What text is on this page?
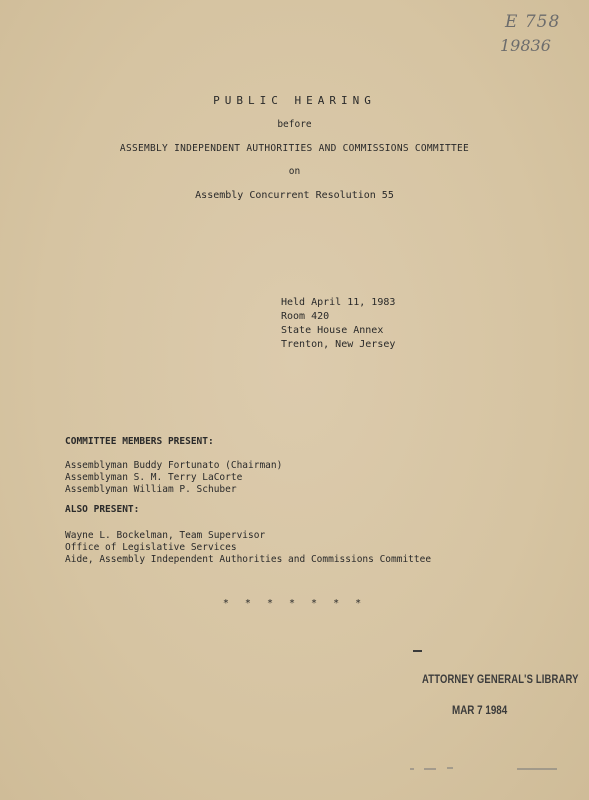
E 758
19836
PUBLIC HEARING
before
ASSEMBLY INDEPENDENT AUTHORITIES AND COMMISSIONS COMMITTEE
on
Assembly Concurrent Resolution 55
Held April 11, 1983
Room 420
State House Annex
Trenton, New Jersey
COMMITTEE MEMBERS PRESENT:
Assemblyman Buddy Fortunato (Chairman)
Assemblyman S. M. Terry LaCorte
Assemblyman William P. Schuber
ALSO PRESENT:
Wayne L. Bockelman, Team Supervisor
Office of Legislative Services
Aide, Assembly Independent Authorities and Commissions Committee
* * * * * * *
ATTORNEY GENERAL'S LIBRARY
MAR 7 1984
